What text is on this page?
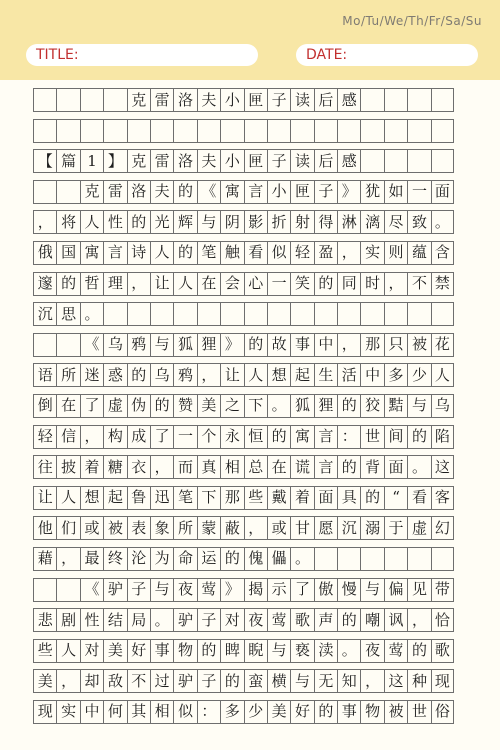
Mo/Tu/We/Th/Fr/Sa/Su
TITLE:	DATE:
克 雷 洛 夫 小 匣 子 读 后 感
【 篇 1 】 克 雷 洛 夫 小 匣 子 读 后 感
克 雷 洛 夫 的 《 寓 言 小 匣 子 》 犹 如 一 面
， 将 人 性 的 光 辉 与 阴 影 折 射 得 淋 漓 尽 致 。
俄 国 寓 言 诗 人 的 笔 触 看 似 轻 盈 ， 实 则 蕴 含
邃 的 哲 理 ， 让 人 在 会 心 一 笑 的 同 时 ， 不 禁
沉 思 。
《 乌 鸦 与 狐 狸 》 的 故 事 中 ， 那 只 被 花
语 所 迷 惑 的 乌 鸦 ， 让 人 想 起 生 活 中 多 少 人
倒 在 了 虚 伪 的 赞 美 之 下 。 狐 狸 的 狡 黠 与 乌
轻 信 ， 构 成 了 一 个 永 恒 的 寓 言 ： 世 间 的 陷
往 披 着 糖 衣 ， 而 真 相 总 在 谎 言 的 背 面 。 这
让 人 想 起 鲁 迅 笔 下 那 些 戴 着 面 具 的 “ 看 客
他 们 或 被 表 象 所 蒙 蔽 ， 或 甘 愿 沉 溺 于 虚 幻
藉 ， 最 终 沦 为 命 运 的 傀 儡 。
《 驴 子 与 夜 莺 》 揭 示 了 傲 慢 与 偏 见 带
悲 剧 性 结 局 。 驴 子 对 夜 莺 歌 声 的 嘲 讽 ， 恰
些 人 对 美 好 事 物 的 睥 睨 与 亵 渎 。 夜 莺 的 歌
美 ， 却 敌 不 过 驴 子 的 蛮 横 与 无 知 ， 这 种 现
现 实 中 何 其 相 似 ： 多 少 美 好 的 事 物 被 世 俗
